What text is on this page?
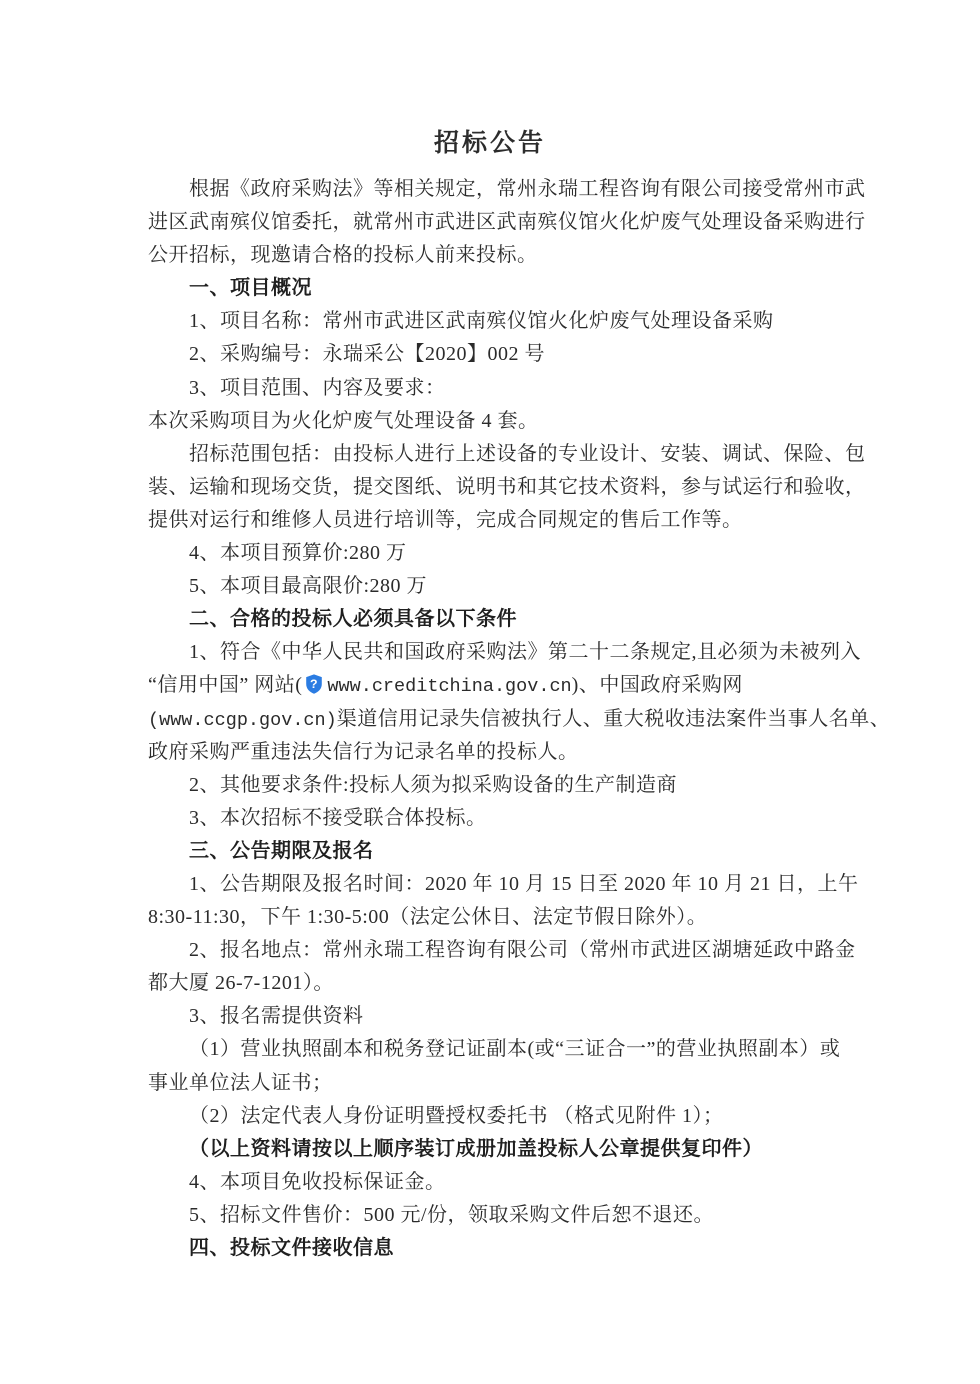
招标公告
根据《政府采购法》等相关规定，常州永瑞工程咨询有限公司接受常州市武
进区武南殡仪馆委托，就常州市武进区武南殡仪馆火化炉废气处理设备采购进行
公开招标，现邀请合格的投标人前来投标。
一、项目概况
1、项目名称：常州市武进区武南殡仪馆火化炉废气处理设备采购
2、采购编号：永瑞采公【2020】002 号
3、项目范围、内容及要求：
本次采购项目为火化炉废气处理设备 4 套。
招标范围包括：由投标人进行上述设备的专业设计、安装、调试、保险、包
装、运输和现场交货，提交图纸、说明书和其它技术资料，参与试运行和验收，
提供对运行和维修人员进行培训等，完成合同规定的售后工作等。
4、本项目预算价:280 万
5、本项目最高限价:280 万
二、合格的投标人必须具备以下条件
1、符合《中华人民共和国政府采购法》第二十二条规定,且必须为未被列入
“信用中国” 网站( ? www.creditchina.gov.cn)、中国政府采购网
(www.ccgp.gov.cn)渠道信用记录失信被执行人、重大税收违法案件当事人名单、
政府采购严重违法失信行为记录名单的投标人。
2、其他要求条件:投标人须为拟采购设备的生产制造商
3、本次招标不接受联合体投标。
三、公告期限及报名
1、公告期限及报名时间：2020 年 10 月 15 日至 2020 年 10 月 21 日，上午
8:30-11:30，下午 1:30-5:00（法定公休日、法定节假日除外）。
2、报名地点：常州永瑞工程咨询有限公司（常州市武进区湖塘延政中路金
都大厦 26-7-1201）。
3、报名需提供资料
（1）营业执照副本和税务登记证副本(或“三证合一”的营业执照副本）或
事业单位法人证书；
（2）法定代表人身份证明暨授权委托书 （格式见附件 1）；
（以上资料请按以上顺序装订成册加盖投标人公章提供复印件）
4、本项目免收投标保证金。
5、招标文件售价：500 元/份，领取采购文件后恕不退还。
四、投标文件接收信息
